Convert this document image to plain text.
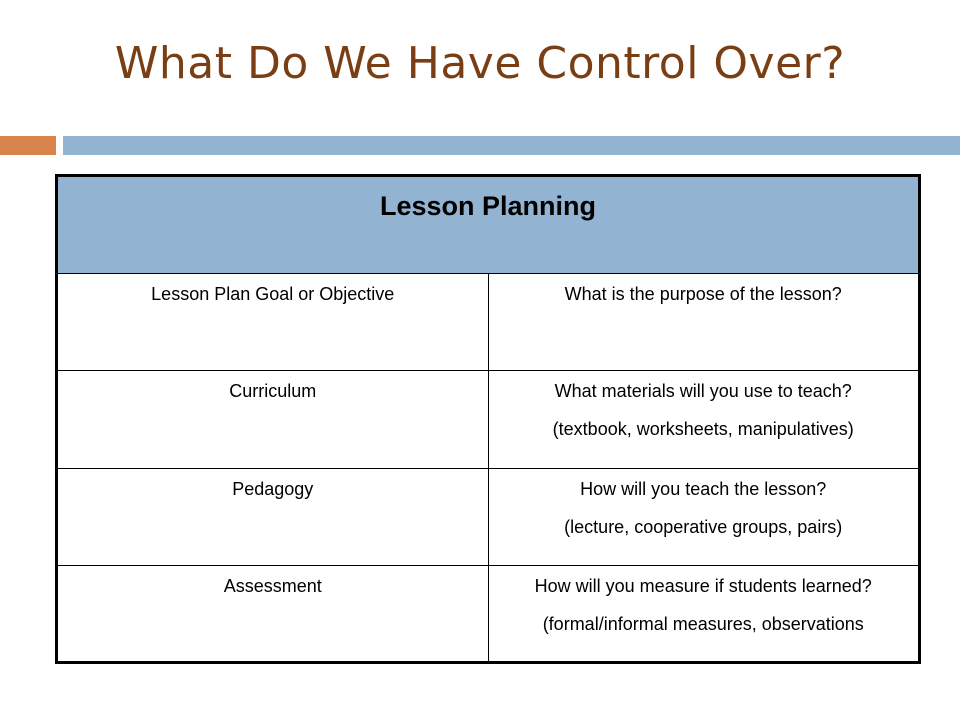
What Do We Have Control Over?
Lesson Planning	

Lesson Plan Goal or Objective	What is the purpose of the lesson?

Curriculum	What materials will you use to teach?
(textbook, worksheets, manipulatives)

Pedagogy	How will you teach the lesson?
(lecture, cooperative groups, pairs)

Assessment	How will you measure if students learned?
(formal/informal measures, observations
